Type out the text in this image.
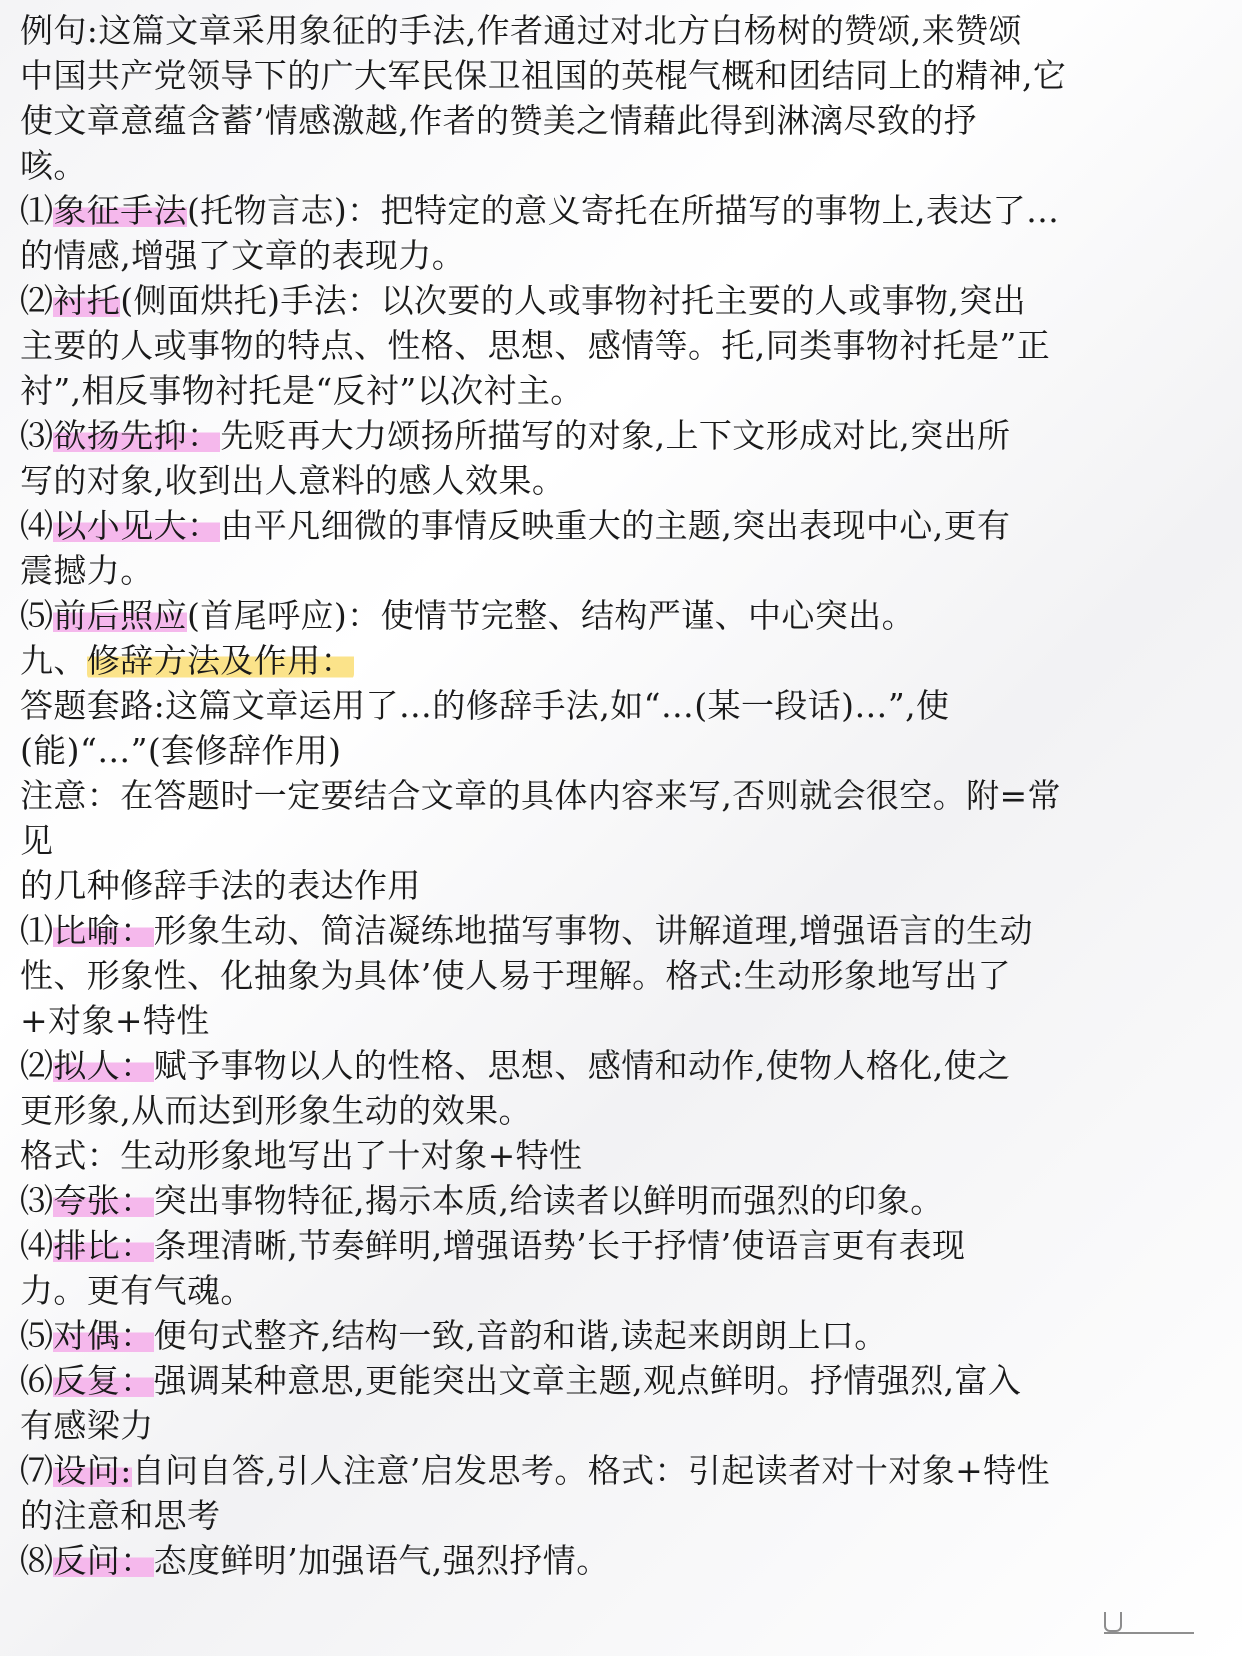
例句:这篇文章采用象征的手法,作者通过对北方白杨树的赞颂,来赞颂
中国共产党领导下的广大军民保卫祖国的英棍气概和团结同上的精神,它
使文章意蕴含蓄’情感激越,作者的赞美之情藉此得到淋漓尽致的抒
咳。
⑴象征手法(托物言志)：把特定的意义寄托在所描写的事物上,表达了…
的情感,增强了文章的表现力。
⑵衬托(侧面烘托)手法：以次要的人或事物衬托主要的人或事物,突出
主要的人或事物的特点、性格、思想、感情等。托,同类事物衬托是”正
衬”,相反事物衬托是“反衬”以次衬主。
⑶欲扬先抑：先贬再大力颂扬所描写的对象,上下文形成对比,突出所
写的对象,收到出人意料的感人效果。
⑷以小见大：由平凡细微的事情反映重大的主题,突出表现中心,更有
震撼力。
⑸前后照应(首尾呼应)：使情节完整、结构严谨、中心突出。
九、修辞方法及作用：
答题套路:这篇文章运用了…的修辞手法,如“…(某一段话)…”,使
(能)“…”(套修辞作用)
注意：在答题时一定要结合文章的具体内容来写,否则就会很空。附=常
见
的几种修辞手法的表达作用
⑴比喻：形象生动、简洁凝练地描写事物、讲解道理,增强语言的生动
性、形象性、化抽象为具体’使人易于理解。格式:生动形象地写出了
+对象+特性
⑵拟人：赋予事物以人的性格、思想、感情和动作,使物人格化,使之
更形象,从而达到形象生动的效果。
格式：生动形象地写出了十对象+特性
⑶夸张：突出事物特征,揭示本质,给读者以鲜明而强烈的印象。
⑷排比：条理清晰,节奏鲜明,增强语势’长于抒情’使语言更有表现
力。更有气魂。
⑸对偶：便句式整齐,结构一致,音韵和谐,读起来朗朗上口。
⑹反复：强调某种意思,更能突出文章主题,观点鲜明。抒情强烈,富入
有感梁力
⑺设问:自问自答,引人注意’启发思考。格式：引起读者对十对象+特性
的注意和思考
⑻反问：态度鲜明’加强语气,强烈抒情。
